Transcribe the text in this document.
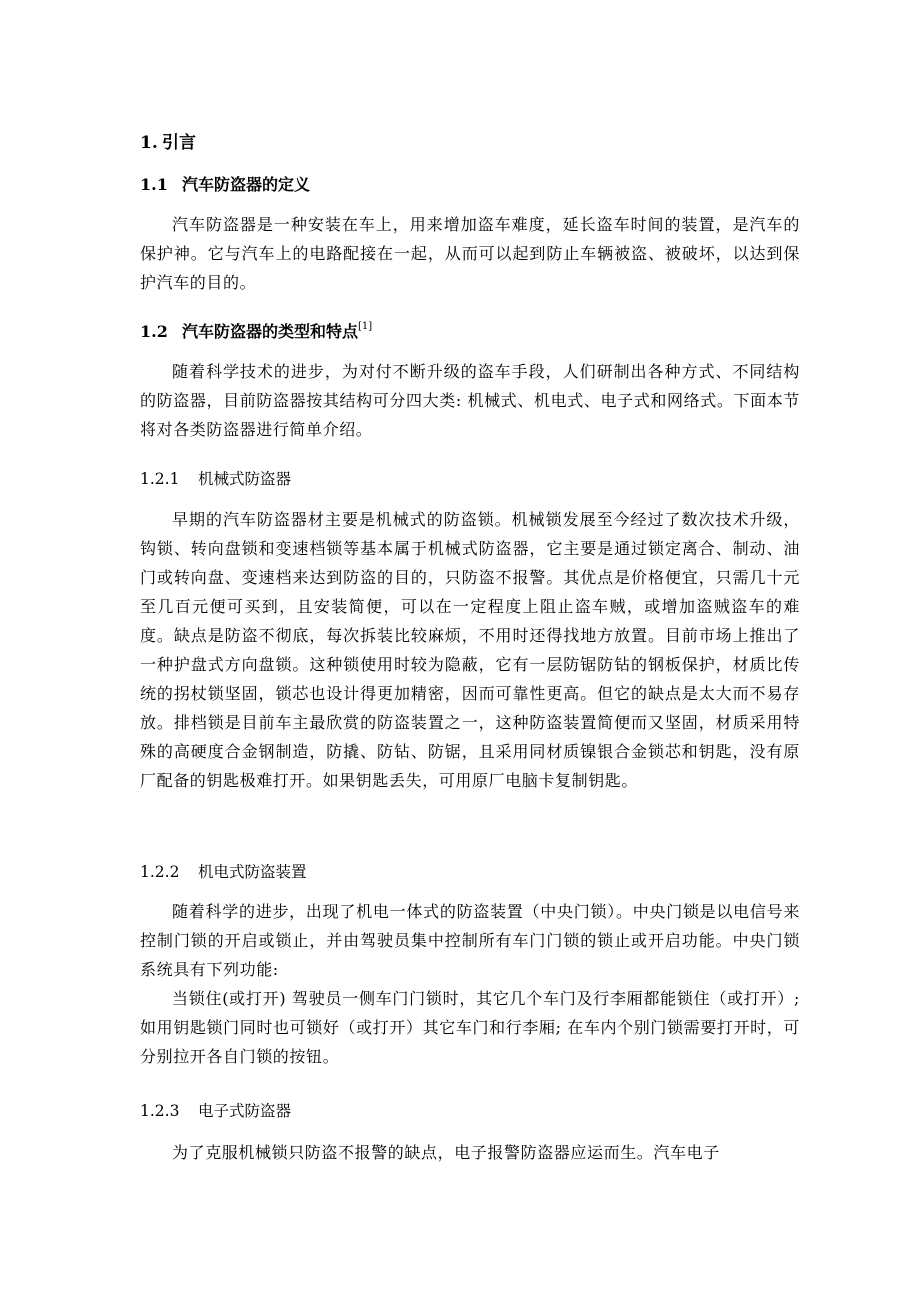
1. 引言
1.1 汽车防盗器的定义

汽车防盗器是一种安装在车上，用来增加盗车难度，延长盗车时间的装置，是汽车的保护神。它与汽车上的电路配接在一起，从而可以起到防止车辆被盗、被破坏，以达到保护汽车的目的。

1.2 汽车防盗器的类型和特点[1]

随着科学技术的进步，为对付不断升级的盗车手段，人们研制出各种方式、不同结构的防盗器，目前防盗器按其结构可分四大类: 机械式、机电式、电子式和网络式。下面本节将对各类防盗器进行简单介绍。

1.2.1 机械式防盗器

早期的汽车防盗器材主要是机械式的防盗锁。机械锁发展至今经过了数次技术升级，钩锁、转向盘锁和变速档锁等基本属于机械式防盗器，它主要是通过锁定离合、制动、油门或转向盘、变速档来达到防盗的目的，只防盗不报警。其优点是价格便宜，只需几十元至几百元便可买到，且安装简便，可以在一定程度上阻止盗车贼，或增加盗贼盗车的难度。缺点是防盗不彻底，每次拆装比较麻烦，不用时还得找地方放置。目前市场上推出了一种护盘式方向盘锁。这种锁使用时较为隐蔽，它有一层防锯防钻的钢板保护，材质比传统的拐杖锁坚固，锁芯也设计得更加精密，因而可靠性更高。但它的缺点是太大而不易存放。排档锁是目前车主最欣赏的防盗装置之一，这种防盗装置简便而又坚固，材质采用特殊的高硬度合金钢制造，防撬、防钻、防锯，且采用同材质镍银合金锁芯和钥匙，没有原厂配备的钥匙极难打开。如果钥匙丢失，可用原厂电脑卡复制钥匙。

1.2.2 机电式防盗装置

随着科学的进步，出现了机电一体式的防盗装置（中央门锁）。中央门锁是以电信号来控制门锁的开启或锁止，并由驾驶员集中控制所有车门门锁的锁止或开启功能。中央门锁系统具有下列功能:

当锁住(或打开) 驾驶员一侧车门门锁时，其它几个车门及行李厢都能锁住（或打开）; 如用钥匙锁门同时也可锁好（或打开）其它车门和行李厢; 在车内个别门锁需要打开时，可分别拉开各自门锁的按钮。

1.2.3 电子式防盗器

为了克服机械锁只防盗不报警的缺点，电子报警防盗器应运而生。汽车电子
